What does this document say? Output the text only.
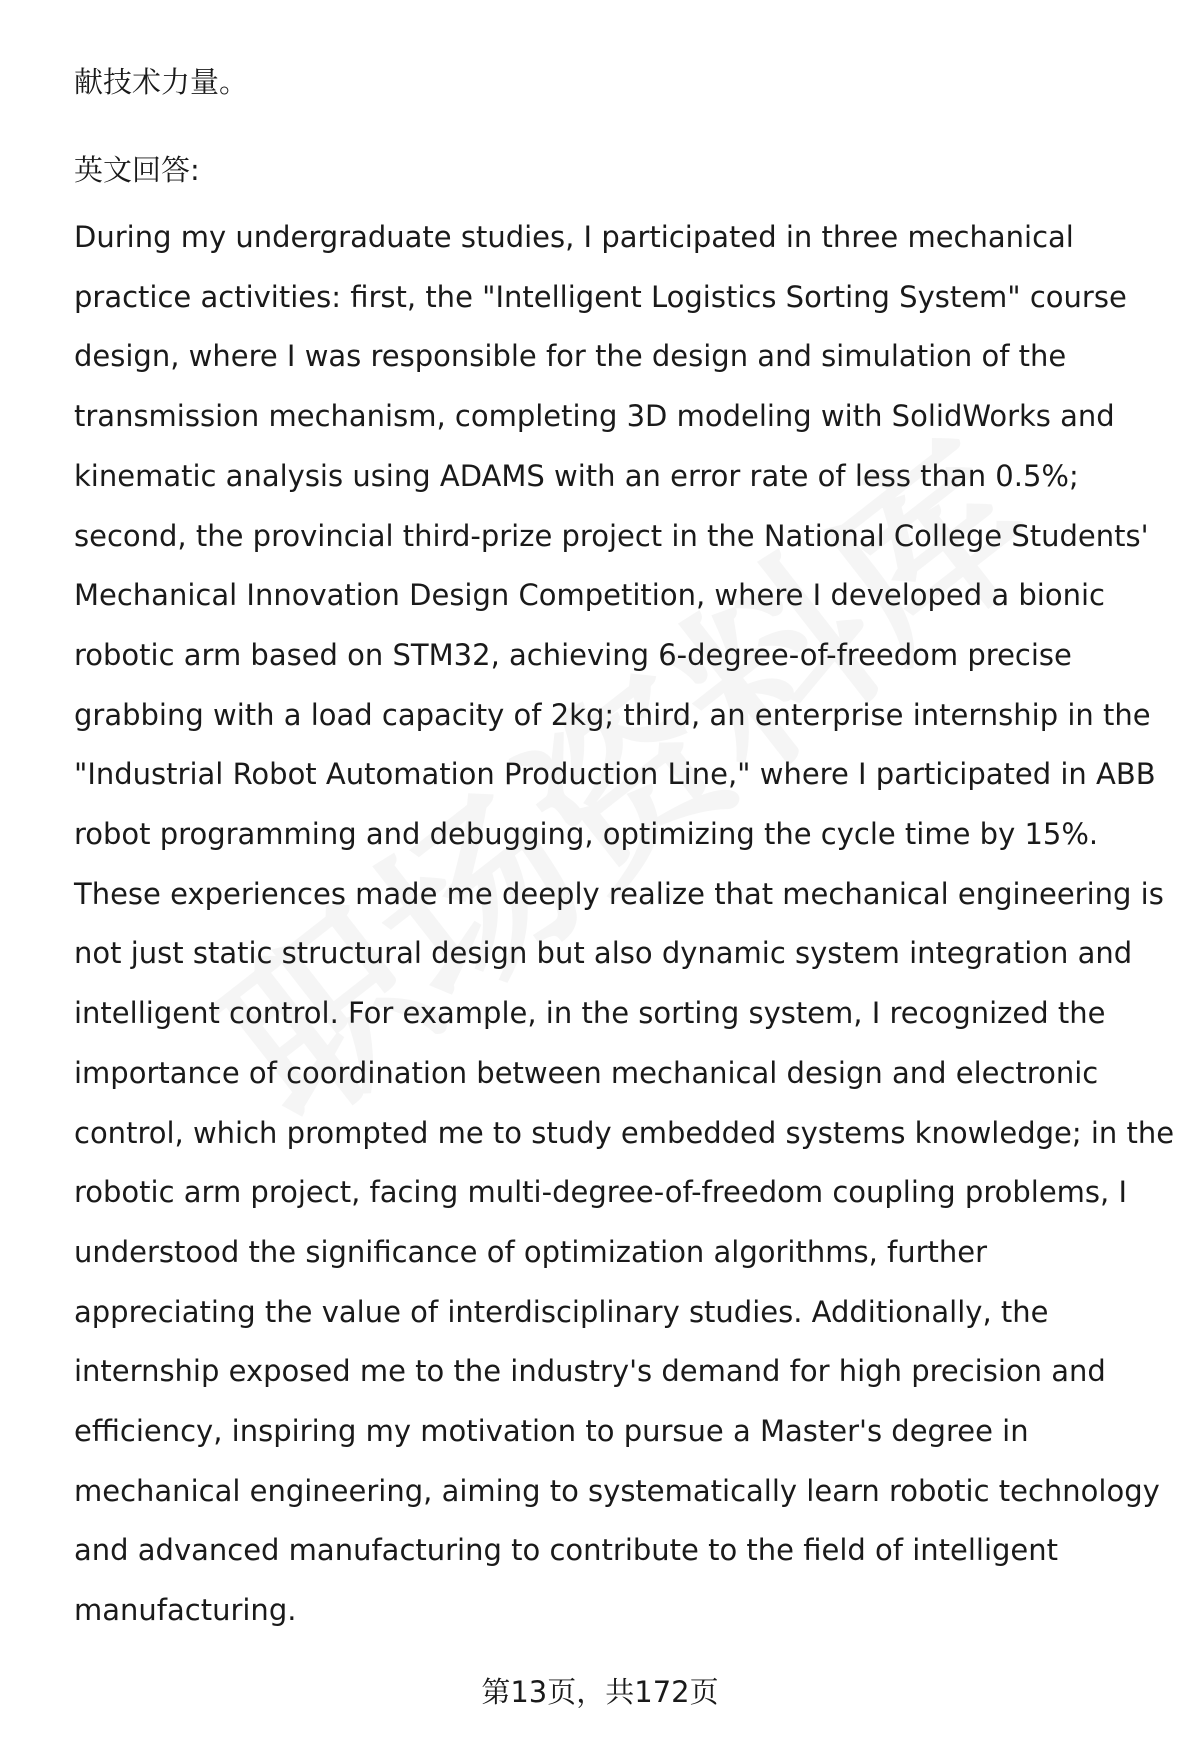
献技术力量。
英文回答:
During my undergraduate studies, I participated in three mechanical
practice activities: first, the "Intelligent Logistics Sorting System" course
design, where I was responsible for the design and simulation of the
transmission mechanism, completing 3D modeling with SolidWorks and
kinematic analysis using ADAMS with an error rate of less than 0.5%;
second, the provincial third-prize project in the National College Students'
Mechanical Innovation Design Competition, where I developed a bionic
robotic arm based on STM32, achieving 6-degree-of-freedom precise
grabbing with a load capacity of 2kg; third, an enterprise internship in the
"Industrial Robot Automation Production Line," where I participated in ABB
robot programming and debugging, optimizing the cycle time by 15%.
These experiences made me deeply realize that mechanical engineering is
not just static structural design but also dynamic system integration and
intelligent control. For example, in the sorting system, I recognized the
importance of coordination between mechanical design and electronic
control, which prompted me to study embedded systems knowledge; in the
robotic arm project, facing multi-degree-of-freedom coupling problems, I
understood the significance of optimization algorithms, further
appreciating the value of interdisciplinary studies. Additionally, the
internship exposed me to the industry's demand for high precision and
efficiency, inspiring my motivation to pursue a Master's degree in
mechanical engineering, aiming to systematically learn robotic technology
and advanced manufacturing to contribute to the field of intelligent
manufacturing.
第13页，共172页
